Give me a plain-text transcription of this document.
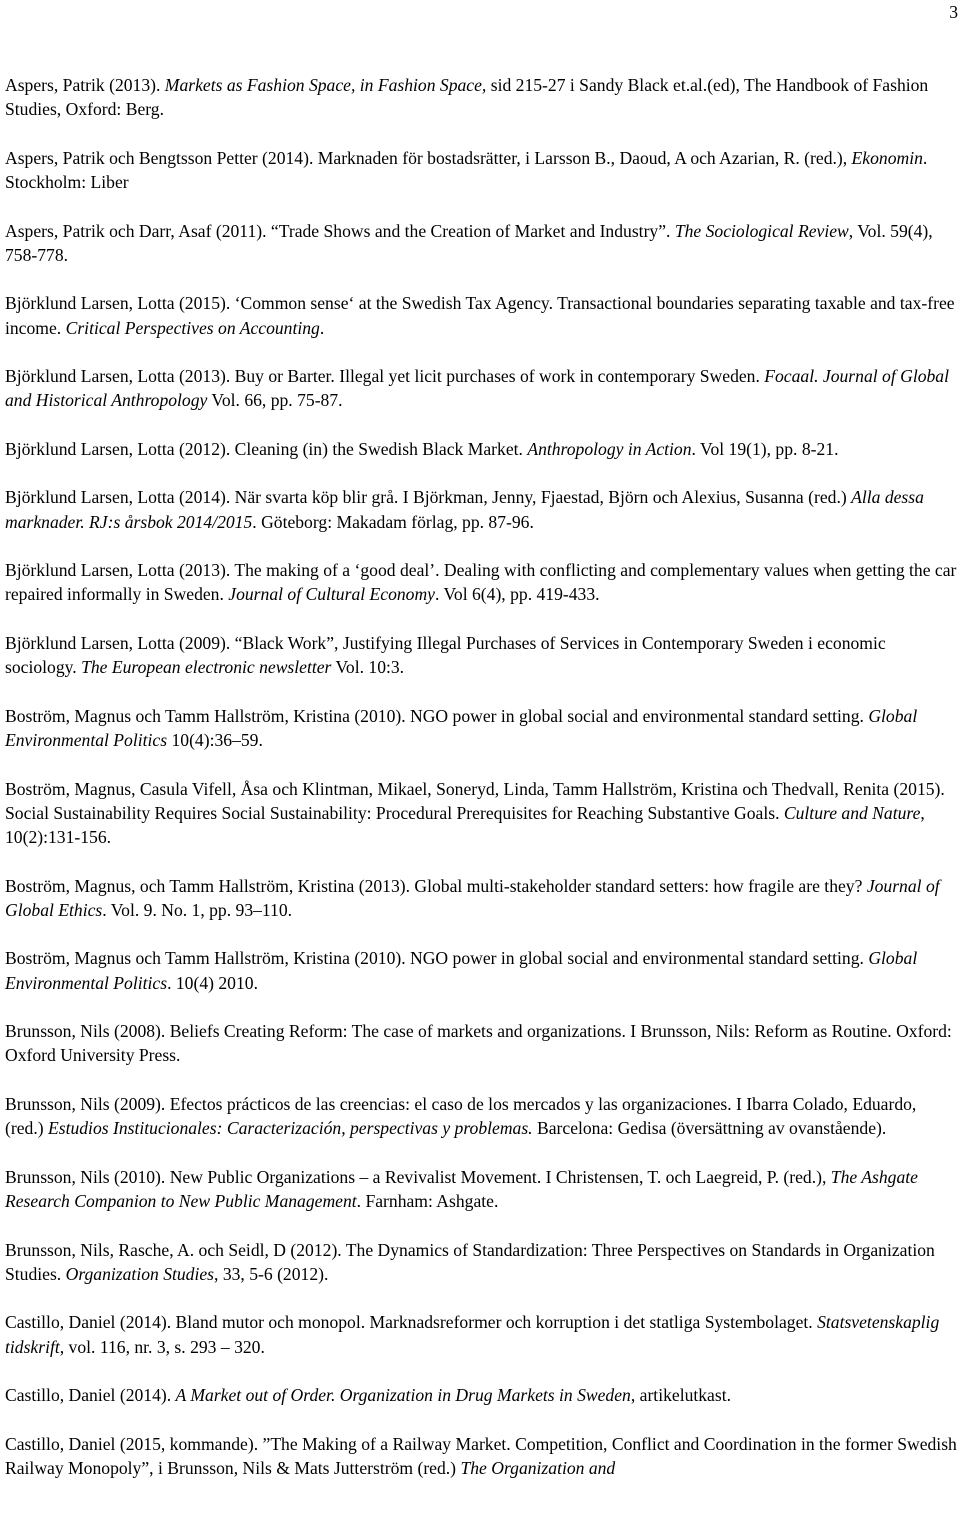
3

Aspers, Patrik (2013). Markets as Fashion Space, in Fashion Space, sid 215-27 i Sandy Black et.al.(ed), The Handbook of Fashion Studies, Oxford: Berg.

Aspers, Patrik och Bengtsson Petter (2014). Marknaden för bostadsrätter, i Larsson B., Daoud, A och Azarian, R. (red.), Ekonomin. Stockholm: Liber

Aspers, Patrik och Darr, Asaf (2011). “Trade Shows and the Creation of Market and Industry”. The Sociological Review, Vol. 59(4), 758-778.

Björklund Larsen, Lotta (2015). ‘Common sense‘ at the Swedish Tax Agency. Transactional boundaries separating taxable and tax-free income. Critical Perspectives on Accounting.

Björklund Larsen, Lotta (2013). Buy or Barter. Illegal yet licit purchases of work in contemporary Sweden. Focaal. Journal of Global and Historical Anthropology Vol. 66, pp. 75-87.

Björklund Larsen, Lotta (2012). Cleaning (in) the Swedish Black Market. Anthropology in Action. Vol 19(1), pp. 8-21.

Björklund Larsen, Lotta (2014). När svarta köp blir grå. I Björkman, Jenny, Fjaestad, Björn och Alexius, Susanna (red.) Alla dessa marknader. RJ:s årsbok 2014/2015. Göteborg: Makadam förlag, pp. 87-96.

Björklund Larsen, Lotta (2013). The making of a ‘good deal’. Dealing with conflicting and complementary values when getting the car repaired informally in Sweden. Journal of Cultural Economy. Vol 6(4), pp. 419-433.

Björklund Larsen, Lotta (2009). “Black Work”, Justifying Illegal Purchases of Services in Contemporary Sweden i economic sociology. The European electronic newsletter Vol. 10:3.

Boström, Magnus och Tamm Hallström, Kristina (2010). NGO power in global social and environmental standard setting. Global Environmental Politics 10(4):36–59.

Boström, Magnus, Casula Vifell, Åsa och Klintman, Mikael, Soneryd, Linda, Tamm Hallström, Kristina och Thedvall, Renita (2015). Social Sustainability Requires Social Sustainability: Procedural Prerequisites for Reaching Substantive Goals. Culture and Nature, 10(2):131-156.

Boström, Magnus, och Tamm Hallström, Kristina (2013). Global multi-stakeholder standard setters: how fragile are they? Journal of Global Ethics. Vol. 9. No. 1, pp. 93–110.

Boström, Magnus och Tamm Hallström, Kristina (2010). NGO power in global social and environmental standard setting. Global Environmental Politics. 10(4) 2010.

Brunsson, Nils (2008). Beliefs Creating Reform: The case of markets and organizations. I Brunsson, Nils: Reform as Routine. Oxford: Oxford University Press.

Brunsson, Nils (2009). Efectos prácticos de las creencias: el caso de los mercados y las organizaciones. I Ibarra Colado, Eduardo, (red.) Estudios Institucionales: Caracterización, perspectivas y problemas. Barcelona: Gedisa (översättning av ovanstående).

Brunsson, Nils (2010). New Public Organizations – a Revivalist Movement. I Christensen, T. och Laegreid, P. (red.), The Ashgate Research Companion to New Public Management. Farnham: Ashgate.

Brunsson, Nils, Rasche, A. och Seidl, D (2012). The Dynamics of Standardization: Three Perspectives on Standards in Organization Studies. Organization Studies, 33, 5-6 (2012).

Castillo, Daniel (2014). Bland mutor och monopol. Marknadsreformer och korruption i det statliga Systembolaget. Statsvetenskaplig tidskrift, vol. 116, nr. 3, s. 293 – 320.

Castillo, Daniel (2014). A Market out of Order. Organization in Drug Markets in Sweden, artikelutkast.

Castillo, Daniel (2015, kommande). ”The Making of a Railway Market. Competition, Conflict and Coordination in the former Swedish Railway Monopoly”, i Brunsson, Nils & Mats Jutterström (red.) The Organization and
